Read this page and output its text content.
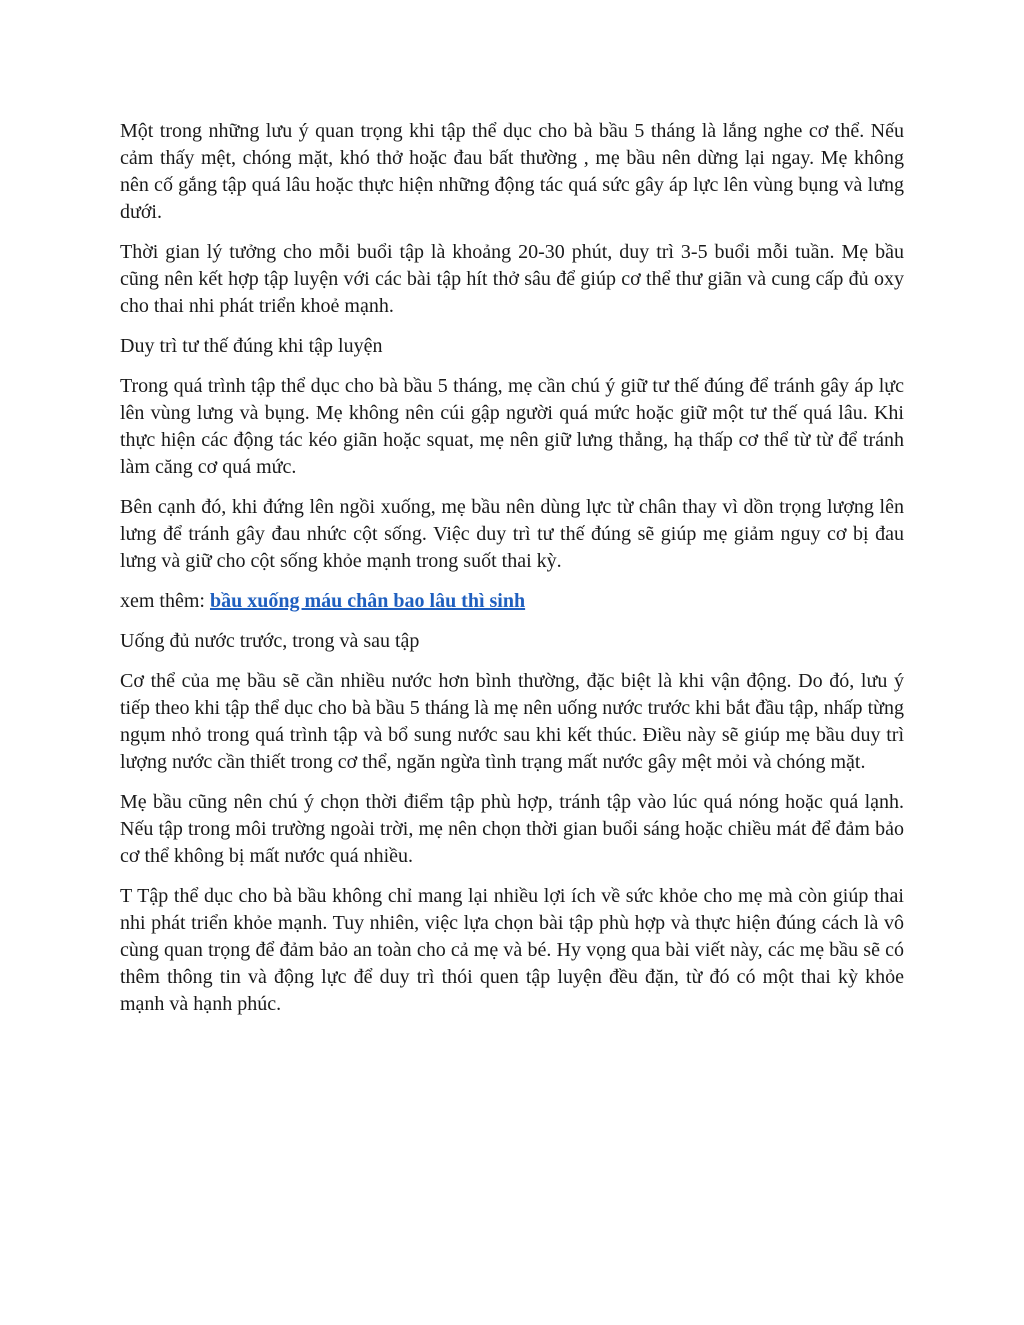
Một trong những lưu ý quan trọng khi tập thể dục cho bà bầu 5 tháng là lắng nghe cơ thể. Nếu cảm thấy mệt, chóng mặt, khó thở hoặc đau bất thường , mẹ bầu nên dừng lại ngay. Mẹ không nên cố gắng tập quá lâu hoặc thực hiện những động tác quá sức gây áp lực lên vùng bụng và lưng dưới.

Thời gian lý tưởng cho mỗi buổi tập là khoảng 20-30 phút, duy trì 3-5 buổi mỗi tuần. Mẹ bầu cũng nên kết hợp tập luyện với các bài tập hít thở sâu để giúp cơ thể thư giãn và cung cấp đủ oxy cho thai nhi phát triển khoẻ mạnh.

Duy trì tư thế đúng khi tập luyện

Trong quá trình tập thể dục cho bà bầu 5 tháng, mẹ cần chú ý giữ tư thế đúng để tránh gây áp lực lên vùng lưng và bụng. Mẹ không nên cúi gập người quá mức hoặc giữ một tư thế quá lâu. Khi thực hiện các động tác kéo giãn hoặc squat, mẹ nên giữ lưng thẳng, hạ thấp cơ thể từ từ để tránh làm căng cơ quá mức.

Bên cạnh đó, khi đứng lên ngồi xuống, mẹ bầu nên dùng lực từ chân thay vì dồn trọng lượng lên lưng để tránh gây đau nhức cột sống. Việc duy trì tư thế đúng sẽ giúp mẹ giảm nguy cơ bị đau lưng và giữ cho cột sống khỏe mạnh trong suốt thai kỳ.

xem thêm: bầu xuống máu chân bao lâu thì sinh

Uống đủ nước trước, trong và sau tập

Cơ thể của mẹ bầu sẽ cần nhiều nước hơn bình thường, đặc biệt là khi vận động. Do đó, lưu ý tiếp theo khi tập thể dục cho bà bầu 5 tháng là mẹ nên uống nước trước khi bắt đầu tập, nhấp từng ngụm nhỏ trong quá trình tập và bổ sung nước sau khi kết thúc. Điều này sẽ giúp mẹ bầu duy trì lượng nước cần thiết trong cơ thể, ngăn ngừa tình trạng mất nước gây mệt mỏi và chóng mặt.

Mẹ bầu cũng nên chú ý chọn thời điểm tập phù hợp, tránh tập vào lúc quá nóng hoặc quá lạnh. Nếu tập trong môi trường ngoài trời, mẹ nên chọn thời gian buổi sáng hoặc chiều mát để đảm bảo cơ thể không bị mất nước quá nhiều.

T Tập thể dục cho bà bầu không chỉ mang lại nhiều lợi ích về sức khỏe cho mẹ mà còn giúp thai nhi phát triển khỏe mạnh. Tuy nhiên, việc lựa chọn bài tập phù hợp và thực hiện đúng cách là vô cùng quan trọng để đảm bảo an toàn cho cả mẹ và bé. Hy vọng qua bài viết này, các mẹ bầu sẽ có thêm thông tin và động lực để duy trì thói quen tập luyện đều đặn, từ đó có một thai kỳ khỏe mạnh và hạnh phúc.
